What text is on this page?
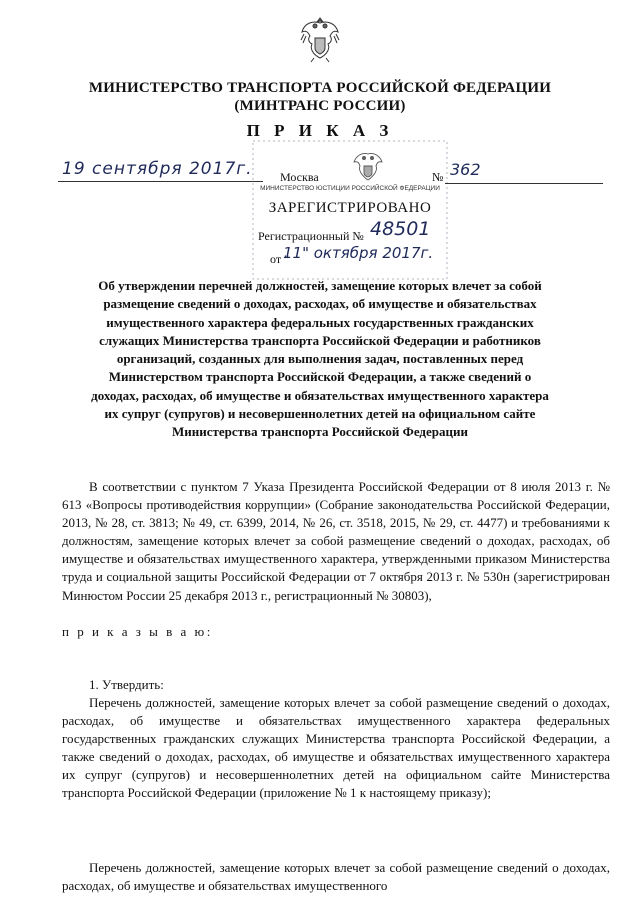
МИНИСТЕРСТВО ТРАНСПОРТА РОССИЙСКОЙ ФЕДЕРАЦИИ

(МИНТРАНС РОССИИ)

П Р И К А З

19 сентября 2017г. Москва
МИНИСТЕРСТВО ЮСТИЦИИ РОССИЙСКОЙ ФЕДЕРАЦИИ
№ 362
ЗАРЕГИСТРИРОВАНО
Регистрационный № 48501
от "
11" октября 2017г.
Об утверждении перечней должностей, замещение которых влечет за собой
размещение сведений о доходах, расходах, об имуществе и обязательствах
имущественного характера федеральных государственных гражданских
служащих Министерства транспорта Российской Федерации и работников
организаций, созданных для выполнения задач, поставленных перед
Министерством транспорта Российской Федерации, а также сведений о
доходах, расходах, об имуществе и обязательствах имущественного характера
их супруг (супругов) и несовершеннолетних детей на официальном сайте
Министерства транспорта Российской Федерации

В соответствии с пунктом 7 Указа Президента Российской Федерации от 8 июля 2013 г. № 613 «Вопросы противодействия коррупции» (Собрание законодательства Российской Федерации, 2013, № 28, ст. 3813; № 49, ст. 6399, 2014, № 26, ст. 3518, 2015, № 29, ст. 4477) и требованиями к должностям, замещение которых влечет за собой размещение сведений о доходах, расходах, об имуществе и обязательствах имущественного характера, утвержденными приказом Министерства труда и социальной защиты Российской Федерации от 7 октября 2013 г. № 530н (зарегистрирован Минюстом России 25 декабря 2013 г., регистрационный № 30803),

п р и к а з ы в а ю:

1. Утвердить:

Перечень должностей, замещение которых влечет за собой размещение сведений о доходах, расходах, об имуществе и обязательствах имущественного характера федеральных государственных гражданских служащих Министерства транспорта Российской Федерации, а также сведений о доходах, расходах, об имуществе и обязательствах имущественного характера их супруг (супругов) и несовершеннолетних детей на официальном сайте Министерства транспорта Российской Федерации (приложение № 1 к настоящему приказу);

Перечень должностей, замещение которых влечет за собой размещение сведений о доходах, расходах, об имуществе и обязательствах имущественного
